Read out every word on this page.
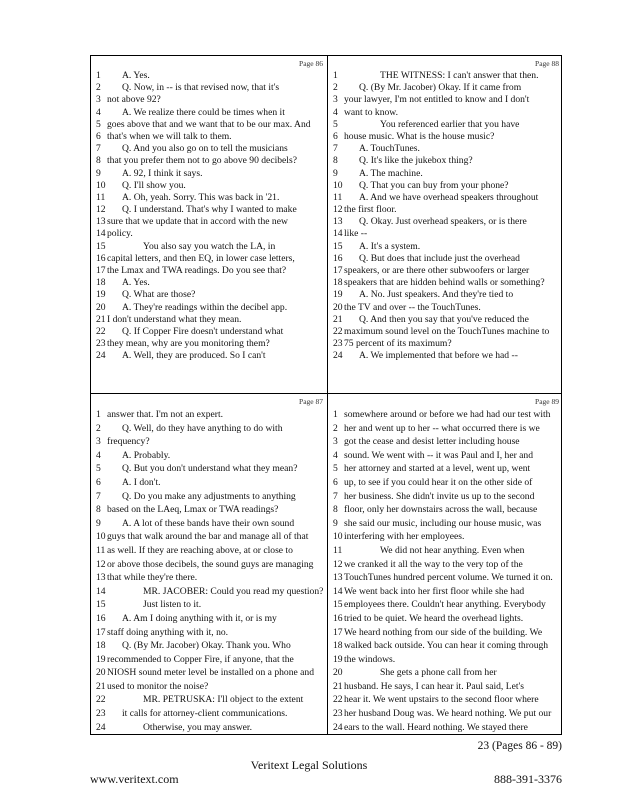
Page 86
1	A. Yes.
2	Q. Now, in -- is that revised now, that it's
3 not above 92?
4	A. We realize there could be times when it
5 goes above that and we want that to be our max. And
6 that's when we will talk to them.
7	Q. And you also go on to tell the musicians
8 that you prefer them not to go above 90 decibels?
9	A. 92, I think it says.
10 Q. I'll show you.
11 A. Oh, yeah. Sorry. This was back in '21.
12 Q. I understand. That's why I wanted to make
13 sure that we update that in accord with the new
14 policy.
15	You also say you watch the LA, in
16 capital letters, and then EQ, in lower case letters,
17 the Lmax and TWA readings. Do you see that?
18 A. Yes.
19 Q. What are those?
20 A. They're readings within the decibel app.
21 I don't understand what they mean.
22 Q. If Copper Fire doesn't understand what
23 they mean, why are you monitoring them?
24 A. Well, they are produced. So I can't
Page 88
1	THE WITNESS: I can't answer that then.
2	Q. (By Mr. Jacober) Okay. If it came from
3 your lawyer, I'm not entitled to know and I don't
4 want to know.
5	You referenced earlier that you have
6 house music. What is the house music?
7	A. TouchTunes.
8	Q. It's like the jukebox thing?
9	A. The machine.
10 Q. That you can buy from your phone?
11 A. And we have overhead speakers throughout
12 the first floor.
13 Q. Okay. Just overhead speakers, or is there
14 like --
15 A. It's a system.
16 Q. But does that include just the overhead
17 speakers, or are there other subwoofers or larger
18 speakers that are hidden behind walls or something?
19 A. No. Just speakers. And they're tied to
20 the TV and over -- the TouchTunes.
21 Q. And then you say that you've reduced the
22 maximum sound level on the TouchTunes machine to
23 75 percent of its maximum?
24 A. We implemented that before we had --
Page 87
1 answer that. I'm not an expert.
2	Q. Well, do they have anything to do with
3 frequency?
4	A. Probably.
5	Q. But you don't understand what they mean?
6	A. I don't.
7	Q. Do you make any adjustments to anything
8 based on the LAeq, Lmax or TWA readings?
9	A. A lot of these bands have their own sound
10 guys that walk around the bar and manage all of that
11 as well. If they are reaching above, at or close to
12 or above those decibels, the sound guys are managing
13 that while they're there.
14	MR. JACOBER: Could you read my question?
15	Just listen to it.
16 A. Am I doing anything with it, or is my
17 staff doing anything with it, no.
18 Q. (By Mr. Jacober) Okay. Thank you. Who
19 recommended to Copper Fire, if anyone, that the
20 NIOSH sound meter level be installed on a phone and
21 used to monitor the noise?
22	MR. PETRUSKA: I'll object to the extent
23 it calls for attorney-client communications.
24	Otherwise, you may answer.
Page 89
1 somewhere around or before we had had our test with
2 her and went up to her -- what occurred there is we
3 got the cease and desist letter including house
4 sound. We went with -- it was Paul and I, her and
5 her attorney and started at a level, went up, went
6 up, to see if you could hear it on the other side of
7 her business. She didn't invite us up to the second
8 floor, only her downstairs across the wall, because
9 she said our music, including our house music, was
10 interfering with her employees.
11	We did not hear anything. Even when
12 we cranked it all the way to the very top of the
13 TouchTunes hundred percent volume. We turned it on.
14 We went back into her first floor while she had
15 employees there. Couldn't hear anything. Everybody
16 tried to be quiet. We heard the overhead lights.
17 We heard nothing from our side of the building. We
18 walked back outside. You can hear it coming through
19 the windows.
20	She gets a phone call from her
21 husband. He says, I can hear it. Paul said, Let's
22 hear it. We went upstairs to the second floor where
23 her husband Doug was. We heard nothing. We put our
24 ears to the wall. Heard nothing. We stayed there
23 (Pages 86 - 89)
Veritext Legal Solutions
www.veritext.com	888-391-3376
